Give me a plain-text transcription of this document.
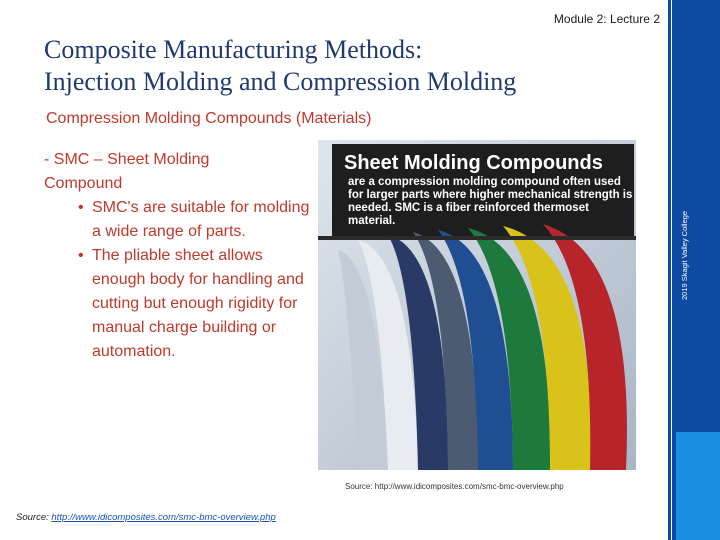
Module 2: Lecture 2
Composite Manufacturing Methods:
Injection Molding and Compression Molding
Compression Molding Compounds (Materials)
- SMC – Sheet Molding
Compound
• SMC's are suitable for molding a wide range of parts.
• The pliable sheet allows enough body for handling and cutting but enough rigidity for manual charge building or automation.
Sheet Molding Compounds
are a compression molding compound often used for larger parts where higher mechanical strength is needed. SMC is a fiber reinforced thermoset material.
Source: http://www.idicomposites.com/smc-bmc-overview.php
Source: http://www.idicomposites.com/smc-bmc-overview.php
2019 Skagit Valley College
